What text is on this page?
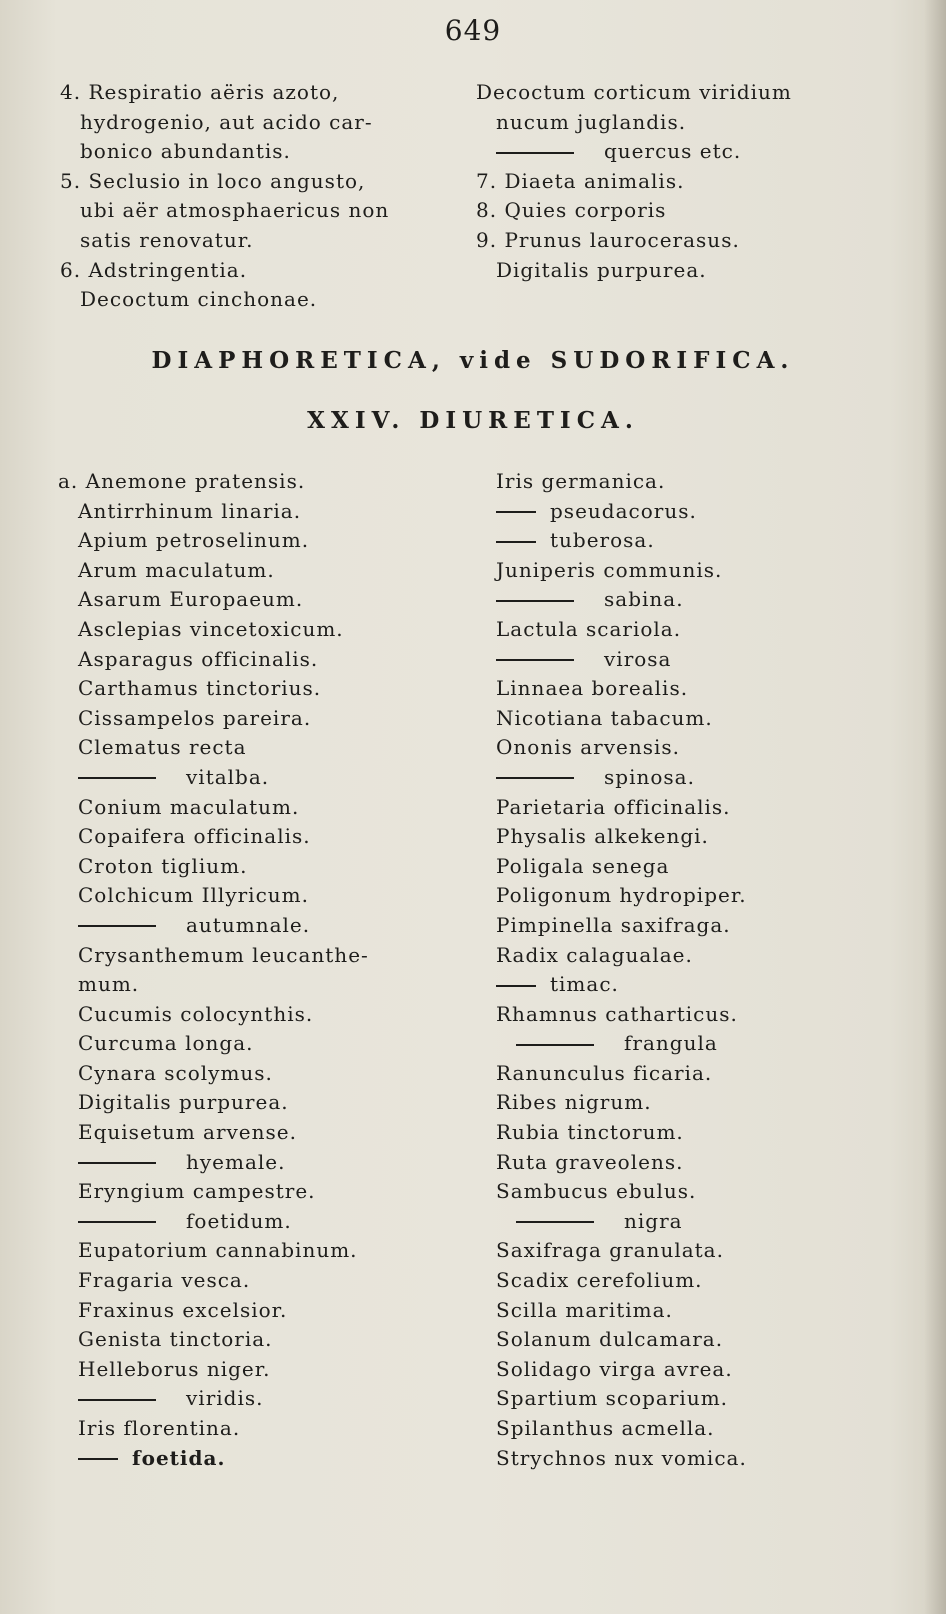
649
4. Respiratio aëris azoto,
hydrogenio, aut acido car-
bonico abundantis.
5. Seclusio in loco angusto,
ubi aër atmosphaericus non
satis renovatur.
6. Adstringentia.
Decoctum cinchonae.
Decoctum corticum viridium
nucum juglandis.
quercus etc.
7. Diaeta animalis.
8. Quies corporis
9. Prunus laurocerasus.
Digitalis purpurea.
DIAPHORETICA, vide SUDORIFICA.
XXIV. DIURETICA.
a. Anemone pratensis.
Antirrhinum linaria.
Apium petroselinum.
Arum maculatum.
Asarum Europaeum.
Asclepias vincetoxicum.
Asparagus officinalis.
Carthamus tinctorius.
Cissampelos pareira.
Clematus recta
vitalba.
Conium maculatum.
Copaifera officinalis.
Croton tiglium.
Colchicum Illyricum.
autumnale.
Crysanthemum leucanthe-
mum.
Cucumis colocynthis.
Curcuma longa.
Cynara scolymus.
Digitalis purpurea.
Equisetum arvense.
hyemale.
Eryngium campestre.
foetidum.
Eupatorium cannabinum.
Fragaria vesca.
Fraxinus excelsior.
Genista tinctoria.
Helleborus niger.
viridis.
Iris florentina.
foetida.
Iris germanica.
pseudacorus.
tuberosa.
Juniperis communis.
sabina.
Lactula scariola.
virosa
Linnaea borealis.
Nicotiana tabacum.
Ononis arvensis.
spinosa.
Parietaria officinalis.
Physalis alkekengi.
Poligala senega
Poligonum hydropiper.
Pimpinella saxifraga.
Radix calagualae.
timac.
Rhamnus catharticus.
frangula
Ranunculus ficaria.
Ribes nigrum.
Rubia tinctorum.
Ruta graveolens.
Sambucus ebulus.
nigra
Saxifraga granulata.
Scadix cerefolium.
Scilla maritima.
Solanum dulcamara.
Solidago virga avrea.
Spartium scoparium.
Spilanthus acmella.
Strychnos nux vomica.
